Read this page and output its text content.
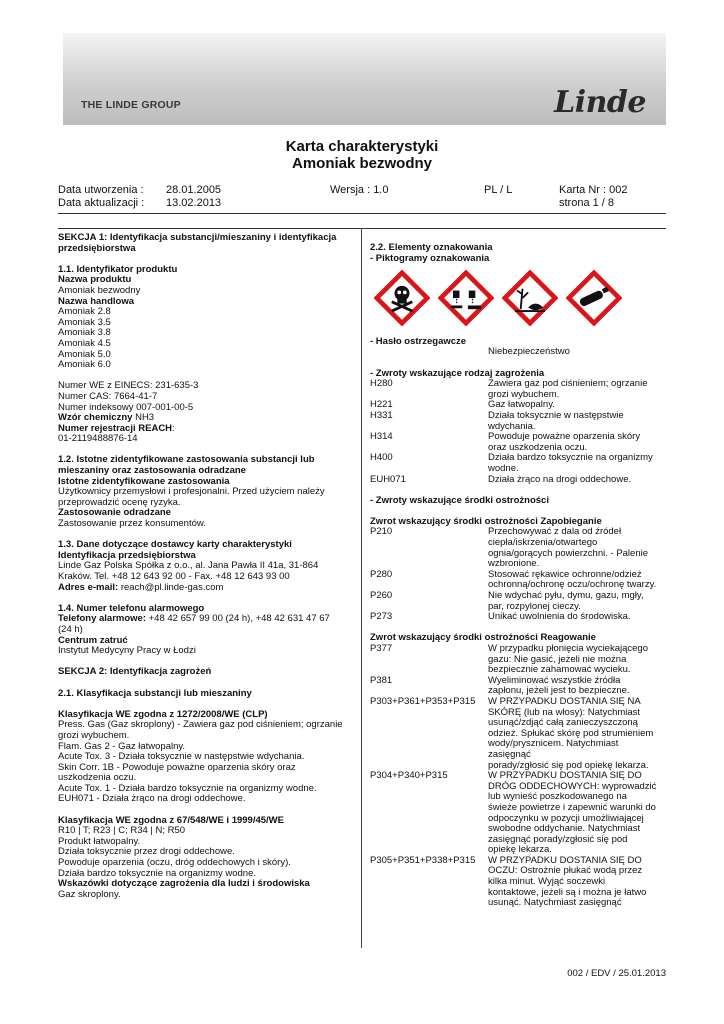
THE LINDE GROUP	Linde
Karta charakterystyki
Amoniak bezwodny
Data utworzenia : 28.01.2005
Data aktualizacji : 13.02.2013
Wersja : 1.0	PL / L	Karta Nr : 002
strona 1 / 8
SEKCJA 1: Identyfikacja substancji/mieszaniny i identyfikacja
przedsiębiorstwa
1.1. Identyfikator produktu
Nazwa produktu
Amoniak bezwodny
Nazwa handlowa
Amoniak 2.8
Amoniak 3.5
Amoniak 3.8
Amoniak 4.5
Amoniak 5.0
Amoniak 6.0
Numer WE z EINECS: 231-635-3
Numer CAS: 7664-41-7
Numer indeksowy 007-001-00-5
Wzór chemiczny NH3
Numer rejestracji REACH:
01-2119488876-14
1.2. Istotne zidentyfikowane zastosowania substancji lub
mieszaniny oraz zastosowania odradzane
Istotne zidentyfikowane zastosowania
Użytkownicy przemysłowi i profesjonalni. Przed użyciem należy
przeprowadzić ocenę ryzyka.
Zastosowanie odradzane
Zastosowanie przez konsumentów.
1.3. Dane dotyczące dostawcy karty charakterystyki
Identyfikacja przedsiębiorstwa
Linde Gaz Polska Spółka z o.o., al. Jana Pawła II 41a, 31-864
Kraków. Tel. +48 12 643 92 00 - Fax. +48 12 643 93 00
Adres e-mail: reach@pl.linde-gas.com
1.4. Numer telefonu alarmowego
Telefony alarmowe: +48 42 657 99 00 (24 h), +48 42 631 47 67
(24 h)
Centrum zatruć
Instytut Medycyny Pracy w Łodzi
SEKCJA 2: Identyfikacja zagrożeń
2.1. Klasyfikacja substancji lub mieszaniny
Klasyfikacja WE zgodna z 1272/2008/WE (CLP)
Press. Gas (Gaz skroplony) - Zawiera gaz pod ciśnieniem; ogrzanie
grozi wybuchem.
Flam. Gas 2 - Gaz łatwopalny.
Acute Tox. 3 - Działa toksycznie w następstwie wdychania.
Skin Corr. 1B - Powoduje poważne oparzenia skóry oraz
uszkodzenia oczu.
Acute Tox. 1 - Działa bardzo toksycznie na organizmy wodne.
EUH071 - Działa żrąco na drogi oddechowe.
Klasyfikacja WE zgodna z 67/548/WE i 1999/45/WE
R10 | T; R23 | C; R34 | N; R50
Produkt łatwopalny.
Działa toksycznie przez drogi oddechowe.
Powoduje oparzenia (oczu, dróg oddechowych i skóry).
Działa bardzo toksycznie na organizmy wodne.
Wskazówki dotyczące zagrożenia dla ludzi i środowiska
Gaz skroplony.
2.2. Elementy oznakowania
- Piktogramy oznakowania
- Hasło ostrzegawcze
Niebezpieczeństwo
- Zwroty wskazujące rodzaj zagrożenia
H280	Zawiera gaz pod ciśnieniem; ogrzanie
grozi wybuchem.
H221	Gaz łatwopalny.
H331	Działa toksycznie w następstwie
wdychania.
H314	Powoduje poważne oparzenia skóry
oraz uszkodzenia oczu.
H400	Działa bardzo toksycznie na organizmy
wodne.
EUH071	Działa żrąco na drogi oddechowe.
- Zwroty wskazujące środki ostrożności
Zwrot wskazujący środki ostrożności Zapobieganie
P210	Przechowywać z dala od źródeł
ciepła/iskrzenia/otwartego
ognia/gorących powierzchni. - Palenie
wzbronione.
P280	Stosować rękawice ochronne/odzież
ochronną/ochronę oczu/ochronę twarzy.
P260	Nie wdychać pyłu, dymu, gazu, mgły,
par, rozpylonej cieczy.
P273	Unikać uwolnienia do środowiska.
Zwrot wskazujący środki ostrożności Reagowanie
P377	W przypadku płonięcia wyciekającego
gazu: Nie gasić, jeżeli nie można
bezpiecznie zahamować wycieku.
P381	Wyeliminować wszystkie źródła
zapłonu, jeżeli jest to bezpieczne.
P303+P361+P353+P315	W PRZYPADKU DOSTANIA SIĘ NA
SKÓRĘ (lub na włosy): Natychmiast
usunąć/zdjąć całą zanieczyszczoną
odzież. Spłukać skórę pod strumieniem
wody/prysznicem. Natychmiast
zasięgnąć
porady/zgłosić się pod opiekę lekarza.
P304+P340+P315	W PRZYPADKU DOSTANIA SIĘ DO
DRÓG ODDECHOWYCH: wyprowadzić
lub wynieść poszkodowanego na
świeże powietrze i zapewnić warunki do
odpoczynku w pozycji umożliwiającej
swobodne oddychanie. Natychmiast
zasięgnąć porady/zgłosić się pod
opiekę lekarza.
P305+P351+P338+P315	W PRZYPADKU DOSTANIA SIĘ DO
OCZU: Ostrożnie płukać wodą przez
kilka minut. Wyjąć soczewki
kontaktowe, jeżeli są i można je łatwo
usunąć. Natychmiast zasięgnąć
002 / EDV / 25.01.2013
